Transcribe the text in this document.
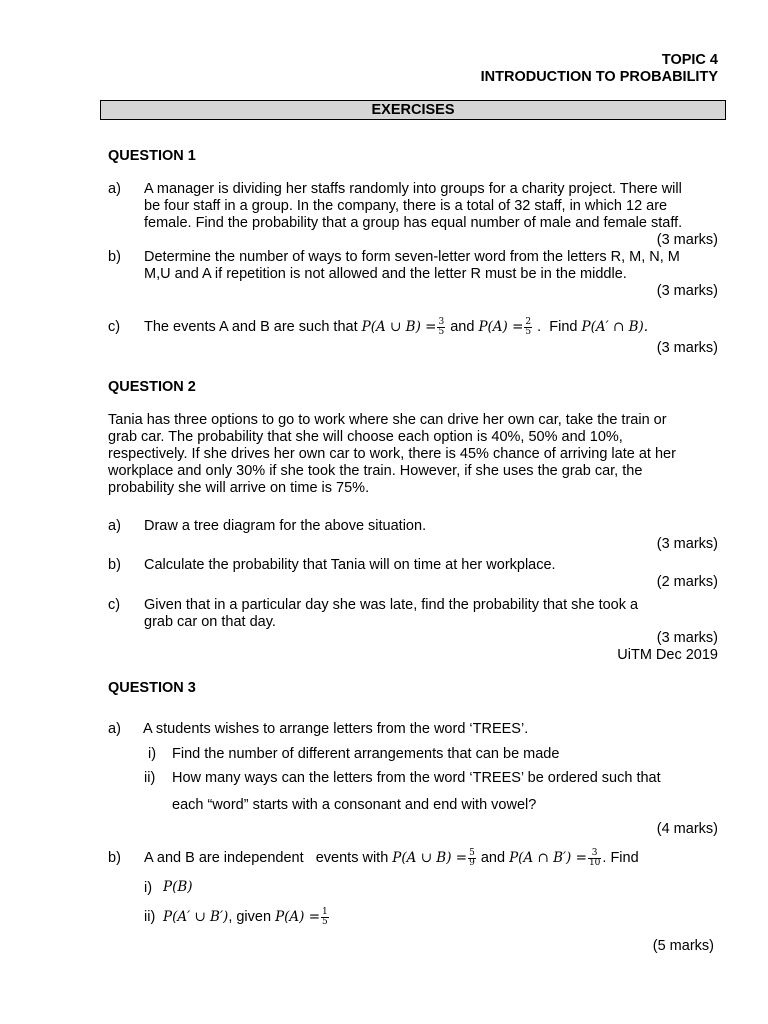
TOPIC 4
INTRODUCTION TO PROBABILITY
EXERCISES
QUESTION 1
a) A manager is dividing her staffs randomly into groups for a charity project. There will
be four staff in a group. In the company, there is a total of 32 staff, in which 12 are
female. Find the probability that a group has equal number of male and female staff.
(3 marks)
b) Determine the number of ways to form seven-letter word from the letters R, M, N, M
M,U and A if repetition is not allowed and the letter R must be in the middle.
(3 marks)
c) The events A and B are such that P(A ∪ $B) = \frac{3}{5}$ and $P(A) = \frac{2}{5}$ .  Find P(A′ ∩ B).
(3 marks)
QUESTION 2
Tania has three options to go to work where she can drive her own car, take the train or
grab car. The probability that she will choose each option is 40%, 50% and 10%,
respectively. If she drives her own car to work, there is 45% chance of arriving late at her
workplace and only 30% if she took the train. However, if she uses the grab car, the
probability she will arrive on time is 75%.
a) Draw a tree diagram for the above situation.
(3 marks)
b) Calculate the probability that Tania will on time at her workplace.
(2 marks)
c) Given that in a particular day she was late, find the probability that she took a
grab car on that day.
(3 marks)
UiTM Dec 2019
QUESTION 3
a) A students wishes to arrange letters from the word ‘TREES’.
i) Find the number of different arrangements that can be made
ii) How many ways can the letters from the word ‘TREES’ be ordered such that
each “word” starts with a consonant and end with vowel?
(4 marks)
b) A and B are independent   events with P(A ∪ $B) = \frac{5}{9}$ and P(A ∩ $B') = \frac{3}{10}$ . Find
i) P(B)
ii) P(A′ ∪ B′), given $P(A) = \frac{1}{5}$
(5 marks)
